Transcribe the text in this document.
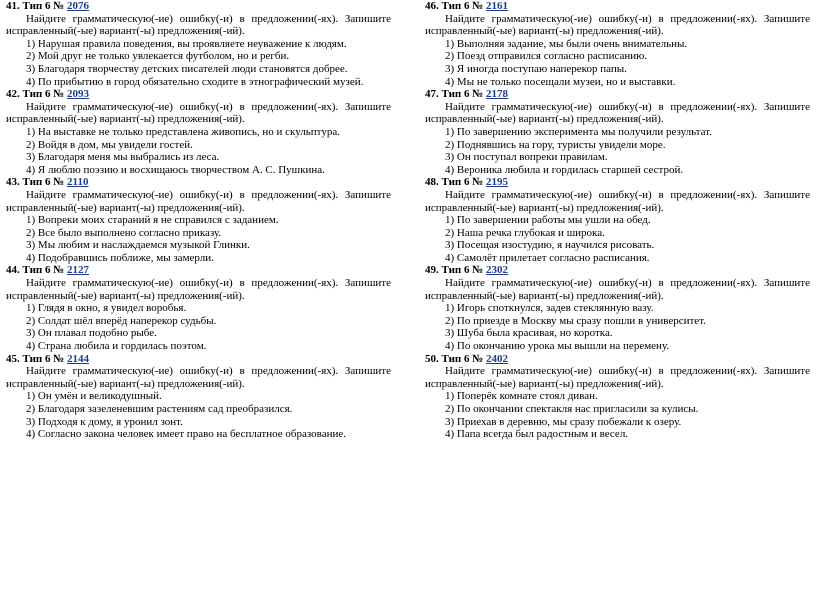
41. Тип 6 № 2076
Найдите грамматическую(-ие) ошибку(-и) в предложении(-ях). Запишите исправленный(-ые) вариант(-ы) предложения(-ий).
1) Нарушая правила поведения, вы проявляете неуважение к людям.
2) Мой друг не только увлекается футболом, но и регби.
3) Благодаря творчеству детских писателей люди становятся добрее.
4) По прибытию в город обязательно сходите в этнографический музей.
42. Тип 6 № 2093
Найдите грамматическую(-ие) ошибку(-и) в предложении(-ях). Запишите исправленный(-ые) вариант(-ы) предложения(-ий).
1) На выставке не только представлена живопись, но и скульптура.
2) Войдя в дом, мы увидели гостей.
3) Благодаря меня мы выбрались из леса.
4) Я люблю поэзию и восхищаюсь творчеством А. С. Пушкина.
43. Тип 6 № 2110
Найдите грамматическую(-ие) ошибку(-и) в предложении(-ях). Запишите исправленный(-ые) вариант(-ы) предложения(-ий).
1) Вопреки моих стараний я не справился с заданием.
2) Все было выполнено согласно приказу.
3) Мы любим и наслаждаемся музыкой Глинки.
4) Подобравшись поближе, мы замерли.
44. Тип 6 № 2127
Найдите грамматическую(-ие) ошибку(-и) в предложении(-ях). Запишите исправленный(-ые) вариант(-ы) предложения(-ий).
1) Глядя в окно, я увидел воробья.
2) Солдат шёл вперёд наперекор судьбы.
3) Он плавал подобно рыбе.
4) Страна любила и гордилась поэтом.
45. Тип 6 № 2144
Найдите грамматическую(-ие) ошибку(-и) в предложении(-ях). Запишите исправленный(-ые) вариант(-ы) предложения(-ий).
1) Он умён и великодушный.
2) Благодаря зазеленевшим растениям сад преобразился.
3) Подходя к дому, я уронил зонт.
4) Согласно закона человек имеет право на бесплатное образование.
46. Тип 6 № 2161
Найдите грамматическую(-ие) ошибку(-и) в предложении(-ях). Запишите исправленный(-ые) вариант(-ы) предложения(-ий).
1) Выполняя задание, мы были очень внимательны.
2) Поезд отправился согласно расписанию.
3) Я иногда поступаю наперекор папы.
4) Мы не только посещали музеи, но и выставки.
47. Тип 6 № 2178
Найдите грамматическую(-ие) ошибку(-и) в предложении(-ях). Запишите исправленный(-ые) вариант(-ы) предложения(-ий).
1) По завершению эксперимента мы получили результат.
2) Поднявшись на гору, туристы увидели море.
3) Он поступал вопреки правилам.
4) Вероника любила и гордилась старшей сестрой.
48. Тип 6 № 2195
Найдите грамматическую(-ие) ошибку(-и) в предложении(-ях). Запишите исправленный(-ые) вариант(-ы) предложения(-ий).
1) По завершении работы мы ушли на обед.
2) Наша речка глубокая и широка.
3) Посещая изостудию, я научился рисовать.
4) Самолёт прилетает согласно расписания.
49. Тип 6 № 2302
Найдите грамматическую(-ие) ошибку(-и) в предложении(-ях). Запишите исправленный(-ые) вариант(-ы) предложения(-ий).
1) Игорь споткнулся, задев стеклянную вазу.
2) По приезде в Москву мы сразу пошли в университет.
3) Шуба была красивая, но коротка.
4) По окончанию урока мы вышли на перемену.
50. Тип 6 № 2402
Найдите грамматическую(-ие) ошибку(-и) в предложении(-ях). Запишите исправленный(-ые) вариант(-ы) предложения(-ий).
1) Поперёк комнате стоял диван.
2) По окончании спектакля нас пригласили за кулисы.
3) Приехав в деревню, мы сразу побежали к озеру.
4) Папа всегда был радостным и весел.
